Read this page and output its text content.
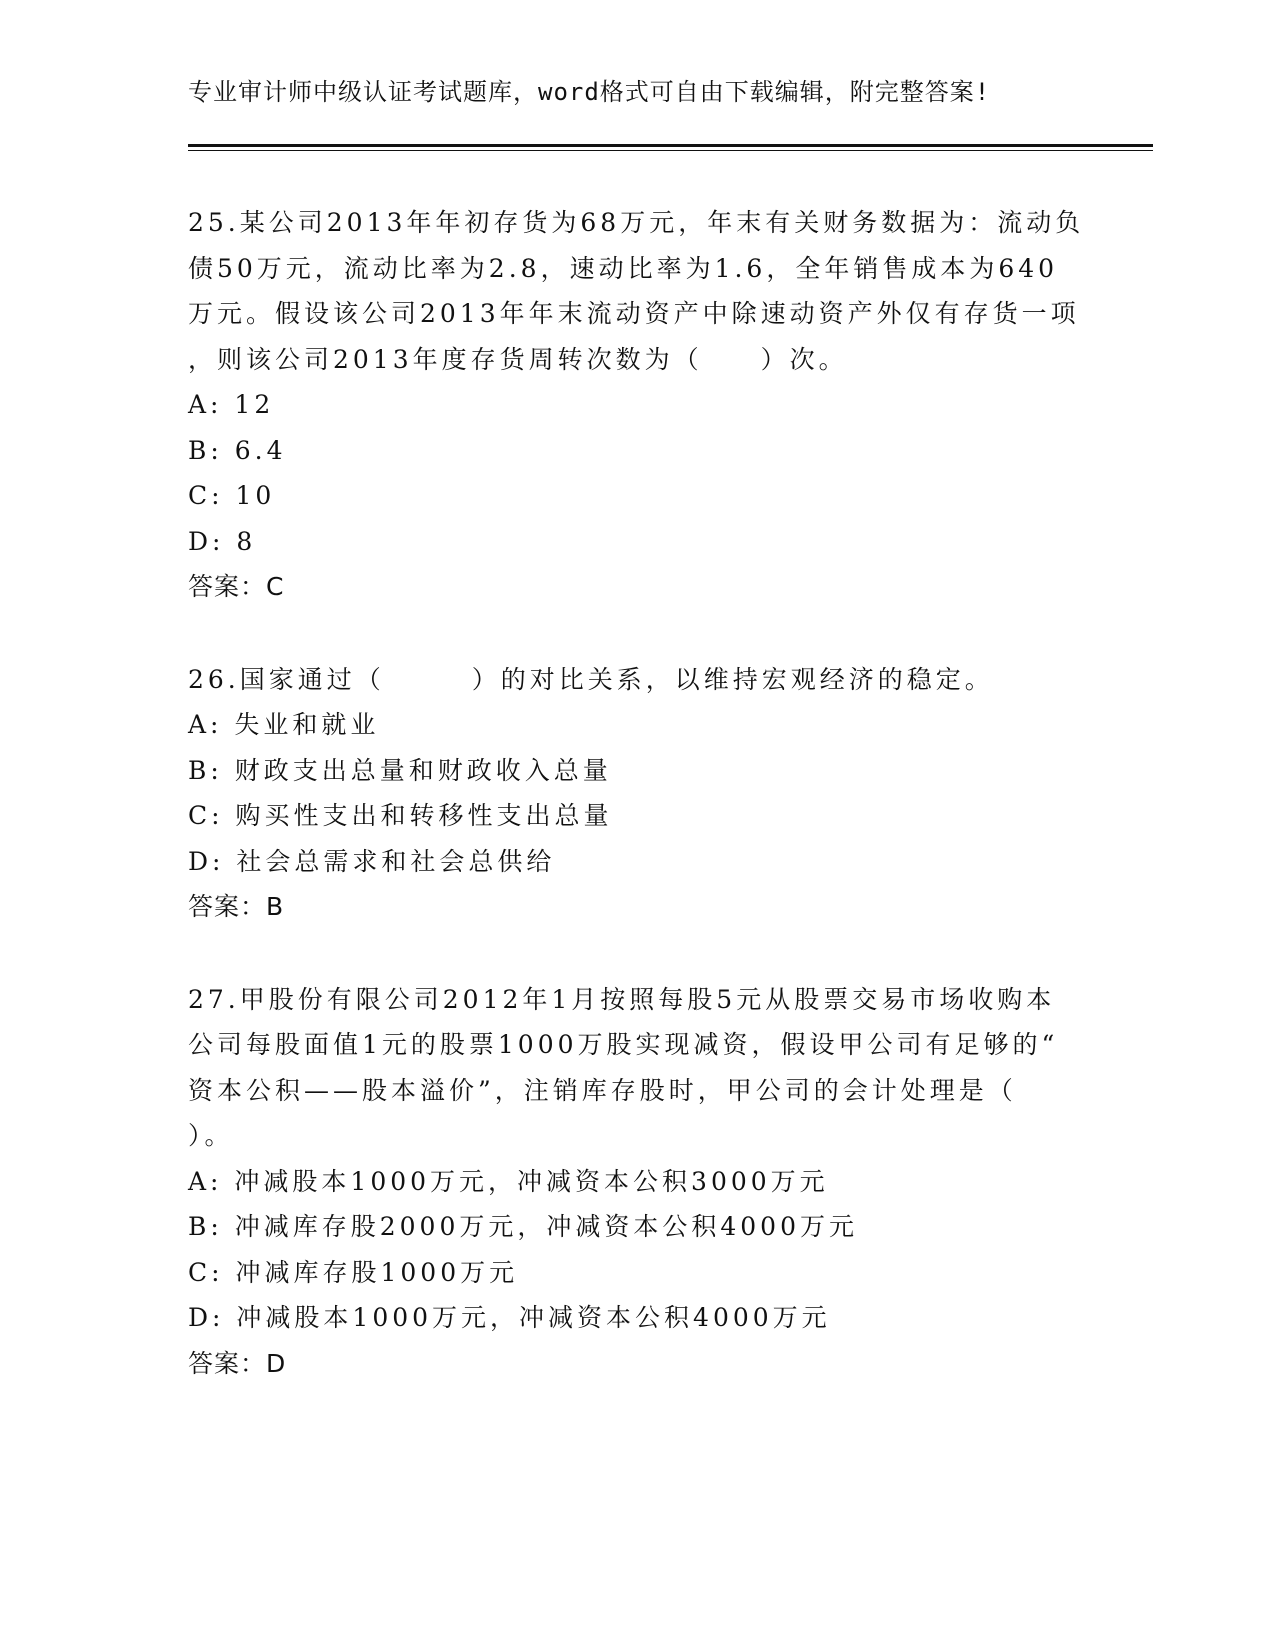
专业审计师中级认证考试题库，word格式可自由下载编辑，附完整答案!

25.某公司2013年年初存货为68万元，年末有关财务数据为：流动负
债50万元，流动比率为2.8，速动比率为1.6，全年销售成本为640
万元。假设该公司2013年年末流动资产中除速动资产外仅有存货一项
，则该公司2013年度存货周转次数为（　　）次。

A: 12

B: 6.4

C: 10

D: 8

答案：C

26.国家通过（　　　）的对比关系，以维持宏观经济的稳定。

A: 失业和就业

B: 财政支出总量和财政收入总量

C: 购买性支出和转移性支出总量

D: 社会总需求和社会总供给

答案：B

27.甲股份有限公司2012年1月按照每股5元从股票交易市场收购本
公司每股面值1元的股票1000万股实现减资，假设甲公司有足够的“
资本公积——股本溢价”，注销库存股时，甲公司的会计处理是（
）。

A: 冲减股本1000万元，冲减资本公积3000万元

B: 冲减库存股2000万元，冲减资本公积4000万元

C: 冲减库存股1000万元

D: 冲减股本1000万元，冲减资本公积4000万元

答案：D
